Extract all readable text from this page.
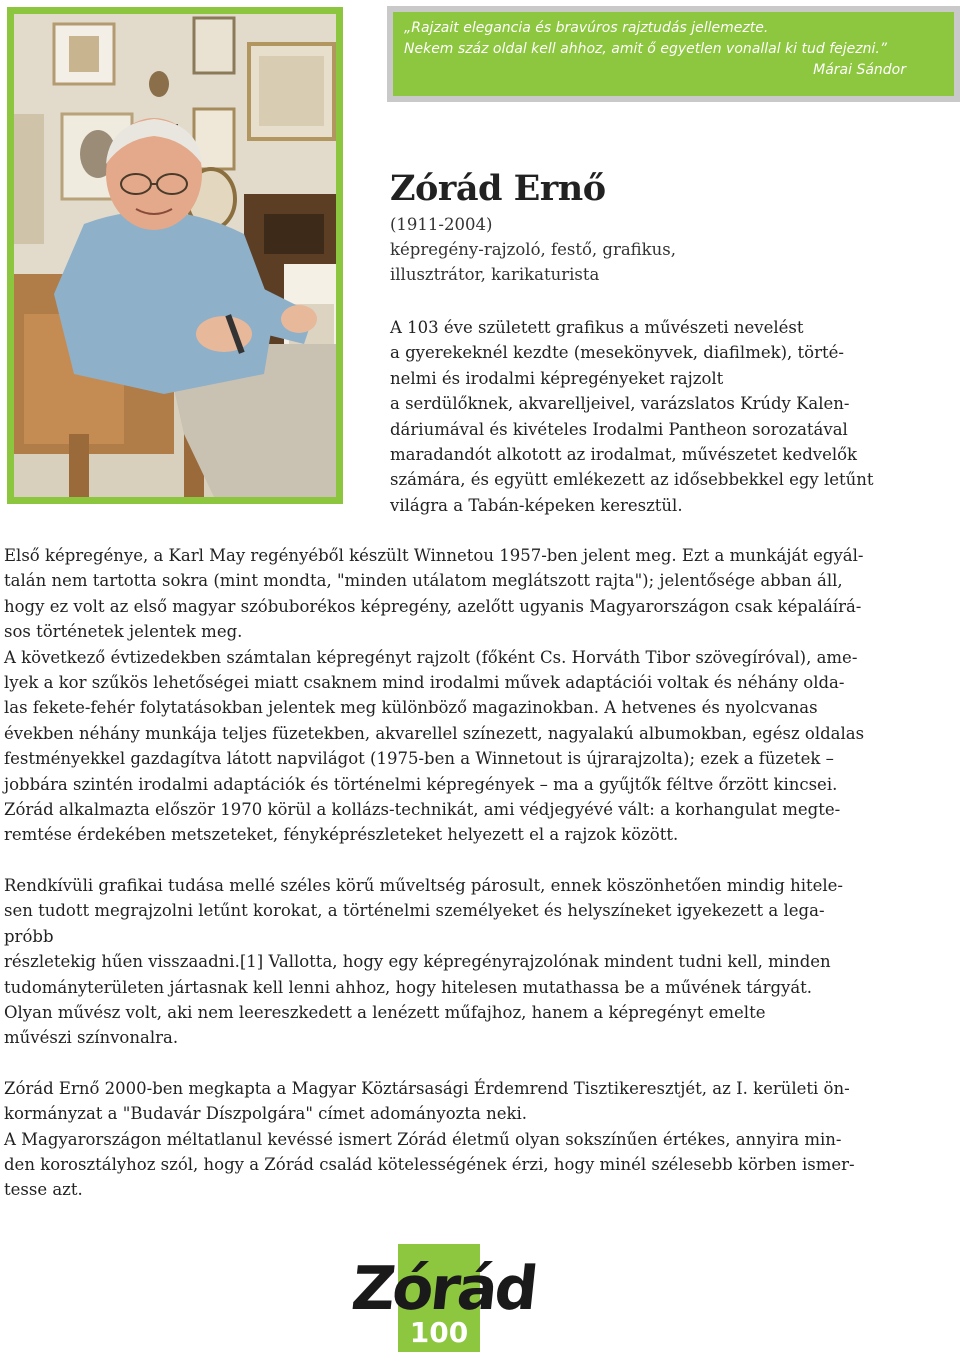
„Rajzait elegancia és bravúros rajztudás jellemezte.
Nekem száz oldal kell ahhoz, amit ő egyetlen vonallal ki tud fejezni.”
Márai Sándor
Zórád Ernő
(1911-2004)
képregény-rajzoló, festő, grafikus,
illusztrátor, karikaturista
A 103 éve született grafikus a művészeti nevelést
a gyerekeknél kezdte (mesekönyvek, diafilmek), törté-
nelmi és irodalmi képregényeket rajzolt
a serdülőknek, akvarelljeivel, varázslatos Krúdy Kalen-
dáriumával és kivételes Irodalmi Pantheon sorozatával
maradandót alkotott az irodalmat, művészetet kedvelők
számára, és együtt emlékezett az idősebbekkel egy letűnt
világra a Tabán-képeken keresztül.
Első képregénye, a Karl May regényéből készült Winnetou 1957-ben jelent meg. Ezt a munkáját egyál-
talán nem tartotta sokra (mint mondta, "minden utálatom meglátszott rajta"); jelentősége abban áll,
hogy ez volt az első magyar szóbuborékos képregény, azelőtt ugyanis Magyarországon csak képaláírá-
sos történetek jelentek meg.
A következő évtizedekben számtalan képregényt rajzolt (főként Cs. Horváth Tibor szövegíróval), ame-
lyek a kor szűkös lehetőségei miatt csaknem mind irodalmi művek adaptációi voltak és néhány olda-
las fekete-fehér folytatásokban jelentek meg különböző magazinokban. A hetvenes és nyolcvanas
években néhány munkája teljes füzetekben, akvarellel színezett, nagyalakú albumokban, egész oldalas
festményekkel gazdagítva látott napvilágot (1975-ben a Winnetout is újrarajzolta); ezek a füzetek –
jobbára szintén irodalmi adaptációk és történelmi képregények – ma a gyűjtők féltve őrzött kincsei.
Zórád alkalmazta először 1970 körül a kollázs-technikát, ami védjegyévé vált: a korhangulat megte-
remtése érdekében metszeteket, fényképrészleteket helyezett el a rajzok között.
Rendkívüli grafikai tudása mellé széles körű műveltség párosult, ennek köszönhetően mindig hitele-
sen tudott megrajzolni letűnt korokat, a történelmi személyeket és helyszíneket igyekezett a lega-
próbb
részletekig hűen visszaadni.[1] Vallotta, hogy egy képregényrajzolónak mindent tudni kell, minden
tudományterületen jártasnak kell lenni ahhoz, hogy hitelesen mutathassa be a művének tárgyát.
Olyan művész volt, aki nem leereszkedett a lenézett műfajhoz, hanem a képregényt emelte
művészi színvonalra.
Zórád Ernő 2000-ben megkapta a Magyar Köztársasági Érdemrend Tisztikeresztjét, az I. kerületi ön-
kormányzat a "Budavár Díszpolgára" címet adományozta neki.
A Magyarországon méltatlanul kevéssé ismert Zórád életmű olyan sokszínűen értékes, annyira min-
den korosztályhoz szól, hogy a Zórád család kötelességének érzi, hogy minél szélesebb körben ismer-
tesse azt.
Zórád
100
